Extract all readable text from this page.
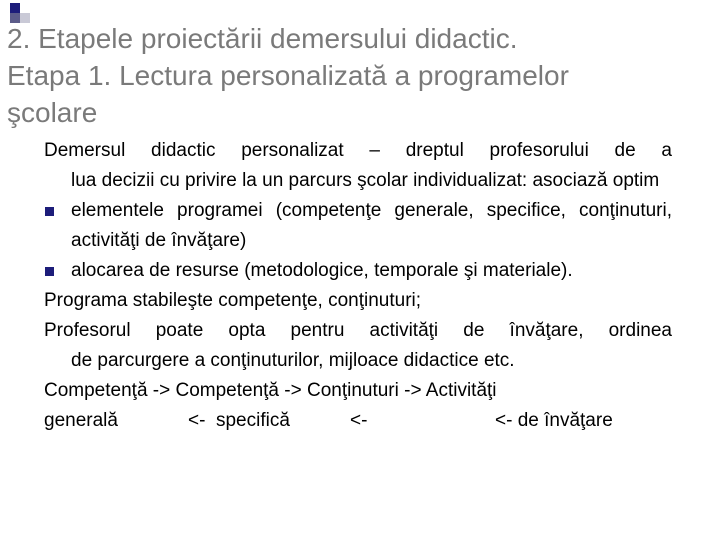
2. Etapele proiectării demersului didactic.
Etapa 1. Lectura personalizată a programelor
şcolare

Demersul didactic personalizat – dreptul profesorului de a

lua decizii cu privire la un parcurs şcolar individualizat: asociază optim

elementele programei (competenţe generale, specifice, conţinuturi, activităţi de învăţare)
alocarea de resurse (metodologice, temporale şi materiale).

Programa stabileşte competenţe, conţinuturi;

Profesorul poate opta pentru activităţi de învăţare, ordinea

de parcurgere a conţinuturilor, mijloace didactice etc.

Competenţă -> Competenţă -> Conţinuturi -> Activităţi

generală	<-  specifică	<-	<- de învăţare
